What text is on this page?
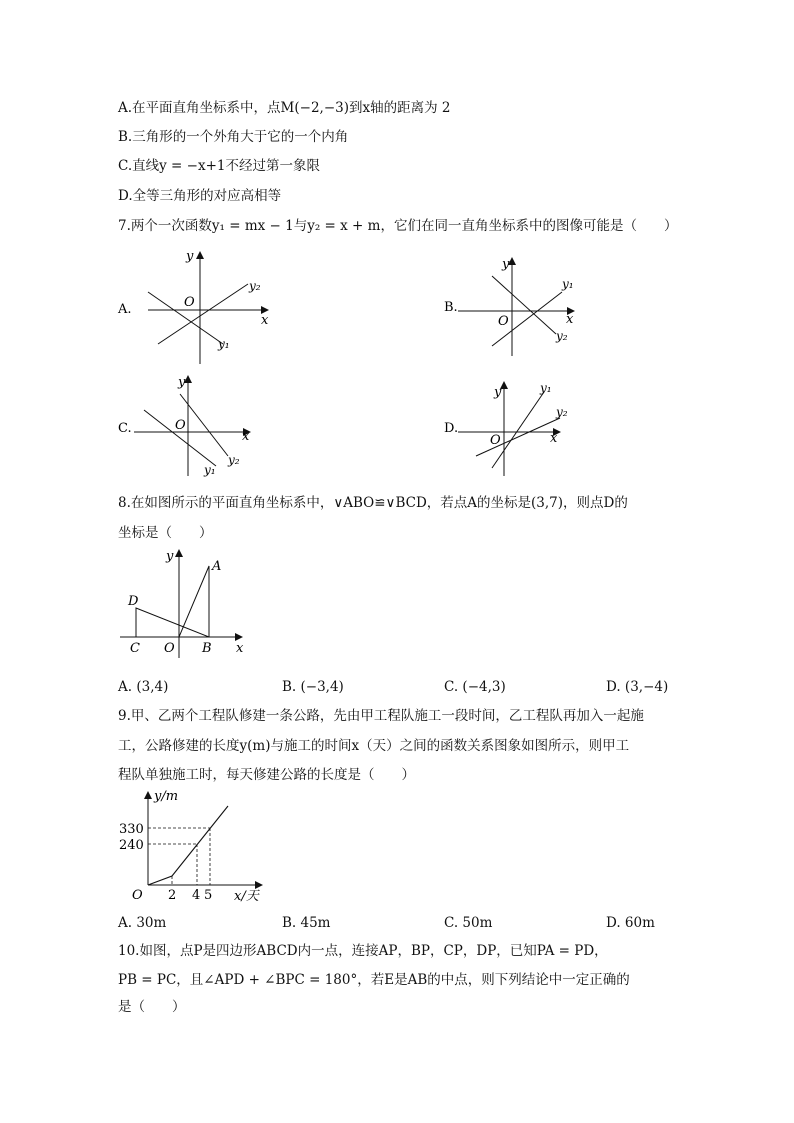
A.在平面直角坐标系中，点M(−2,−3)到x轴的距离为 2
B.三角形的一个外角大于它的一个内角
C.直线y = −x+1不经过第一象限
D.全等三角形的对应高相等
7.两个一次函数y₁ = mx − 1与y₂ = x + m，它们在同一直角坐标系中的图像可能是（　　）
A.
x
y
O
y₁
y₂
B.
x
y
O
y₁
y₂
C.
x
y
O
y₁
y₂
D.
x
y
O
y₁
y₂
8.在如图所示的平面直角坐标系中，∨ABO≌∨BCD，若点A的坐标是(3,7)，则点D的
坐标是（　　）
x
y
A
B
C
D
O
A. (3,4)	B. (−3,4)	C. (−4,3)	D. (3,−4)
9.甲、乙两个工程队修建一条公路，先由甲工程队施工一段时间，乙工程队再加入一起施
工，公路修建的长度y(m)与施工的时间x（天）之间的函数关系图象如图所示，则甲工
程队单独施工时，每天修建公路的长度是（　　）
y/m
x/天
O
330
240
2 4 5
A. 30m	B. 45m	C. 50m	D. 60m
10.如图，点P是四边形ABCD内一点，连接AP，BP，CP，DP，已知PA = PD，
PB = PC，且∠APD + ∠BPC = 180°，若E是AB的中点，则下列结论中一定正确的
是（　　）
